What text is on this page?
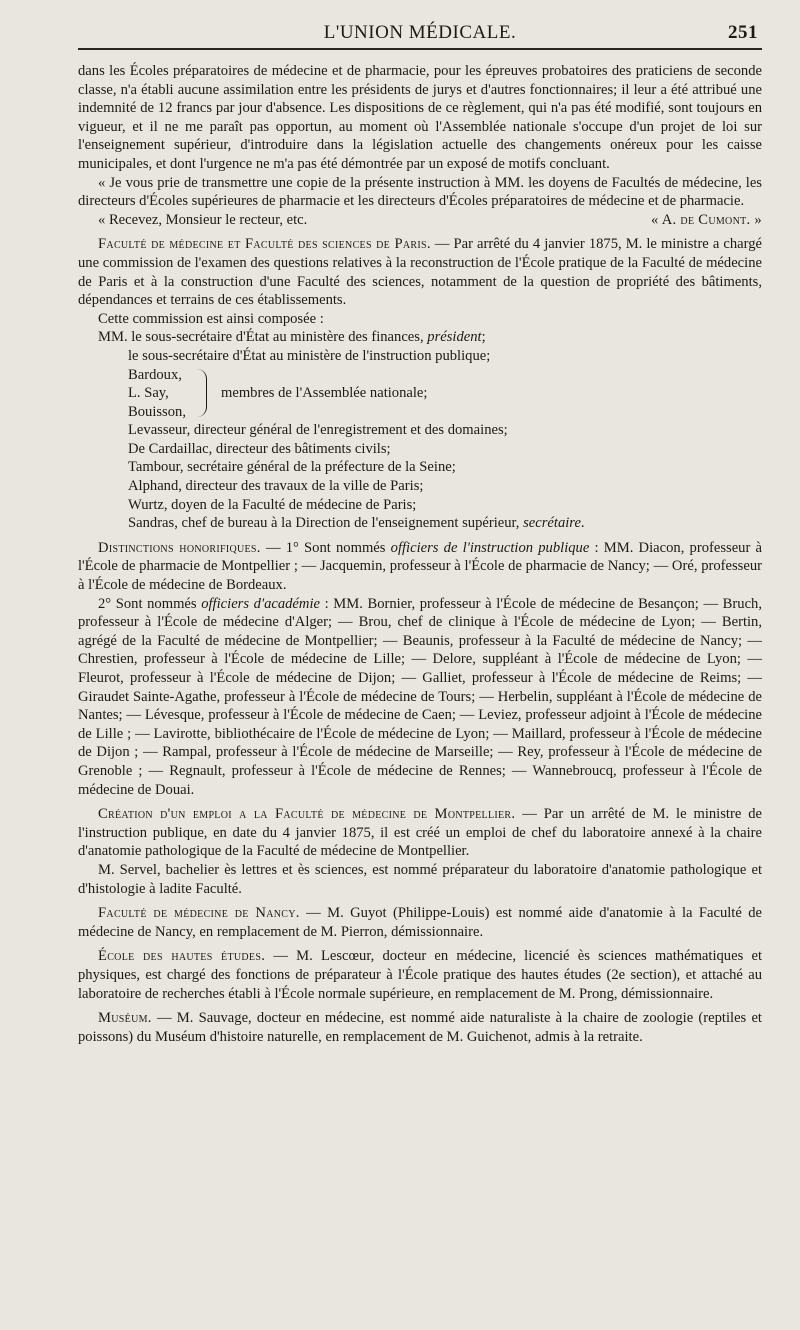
L'UNION MÉDICALE.	251

dans les Écoles préparatoires de médecine et de pharmacie, pour les épreuves probatoires des praticiens de seconde classe, n'a établi aucune assimilation entre les présidents de jurys et d'autres fonctionnaires; il leur a été attribué une indemnité de 12 francs par jour d'absence. Les dispositions de ce règlement, qui n'a pas été modifié, sont toujours en vigueur, et il ne me paraît pas opportun, au moment où l'Assemblée nationale s'occupe d'un projet de loi sur l'enseignement supérieur, d'introduire dans la législation actuelle des changements onéreux pour les caisse municipales, et dont l'urgence ne m'a pas été démontrée par un exposé de motifs concluant.

« Je vous prie de transmettre une copie de la présente instruction à MM. les doyens de Facultés de médecine, les directeurs d'Écoles supérieures de pharmacie et les directeurs d'Écoles préparatoires de médecine et de pharmacie.

« Recevez, Monsieur le recteur, etc.	« A. de Cumont. »

Faculté de médecine et Faculté des sciences de Paris. — Par arrêté du 4 janvier 1875, M. le ministre a chargé une commission de l'examen des questions relatives à la reconstruction de l'École pratique de la Faculté de médecine de Paris et à la construction d'une Faculté des sciences, notamment de la question de propriété des bâtiments, dépendances et terrains de ces établissements.

Cette commission est ainsi composée :

MM. le sous-secrétaire d'État au ministère des finances, président;

le sous-secrétaire d'État au ministère de l'instruction publique;
Bardoux,
L. Say,
Bouisson,
membres de l'Assemblée nationale;
Levasseur, directeur général de l'enregistrement et des domaines;
De Cardaillac, directeur des bâtiments civils;
Tambour, secrétaire général de la préfecture de la Seine;
Alphand, directeur des travaux de la ville de Paris;
Wurtz, doyen de la Faculté de médecine de Paris;
Sandras, chef de bureau à la Direction de l'enseignement supérieur, secrétaire.

Distinctions honorifiques. — 1° Sont nommés officiers de l'instruction publique : MM. Diacon, professeur à l'École de pharmacie de Montpellier ; — Jacquemin, professeur à l'École de pharmacie de Nancy; — Oré, professeur à l'École de médecine de Bordeaux.

2° Sont nommés officiers d'académie : MM. Bornier, professeur à l'École de médecine de Besançon; — Bruch, professeur à l'École de médecine d'Alger; — Brou, chef de clinique à l'École de médecine de Lyon; — Bertin, agrégé de la Faculté de médecine de Montpellier; — Beaunis, professeur à la Faculté de médecine de Nancy; — Chrestien, professeur à l'École de médecine de Lille; — Delore, suppléant à l'École de médecine de Lyon; — Fleurot, professeur à l'École de médecine de Dijon; — Galliet, professeur à l'École de médecine de Reims; — Giraudet Sainte-Agathe, professeur à l'École de médecine de Tours; — Herbelin, suppléant à l'École de médecine de Nantes; — Lévesque, professeur à l'École de médecine de Caen; — Leviez, professeur adjoint à l'École de médecine de Lille ; — Lavirotte, bibliothécaire de l'École de médecine de Lyon; — Maillard, professeur à l'École de médecine de Dijon ; — Rampal, professeur à l'École de médecine de Marseille; — Rey, professeur à l'École de médecine de Grenoble ; — Regnault, professeur à l'École de médecine de Rennes; — Wannebroucq, professeur à l'École de médecine de Douai.

Création d'un emploi a la Faculté de médecine de Montpellier. — Par un arrêté de M. le ministre de l'instruction publique, en date du 4 janvier 1875, il est créé un emploi de chef du laboratoire annexé à la chaire d'anatomie pathologique de la Faculté de médecine de Montpellier.

M. Servel, bachelier ès lettres et ès sciences, est nommé préparateur du laboratoire d'anatomie pathologique et d'histologie à ladite Faculté.

Faculté de médecine de Nancy. — M. Guyot (Philippe-Louis) est nommé aide d'anatomie à la Faculté de médecine de Nancy, en remplacement de M. Pierron, démissionnaire.

École des hautes études. — M. Lescœur, docteur en médecine, licencié ès sciences mathématiques et physiques, est chargé des fonctions de préparateur à l'École pratique des hautes études (2e section), et attaché au laboratoire de recherches établi à l'École normale supérieure, en remplacement de M. Prong, démissionnaire.

Muséum. — M. Sauvage, docteur en médecine, est nommé aide naturaliste à la chaire de zoologie (reptiles et poissons) du Muséum d'histoire naturelle, en remplacement de M. Guichenot, admis à la retraite.
